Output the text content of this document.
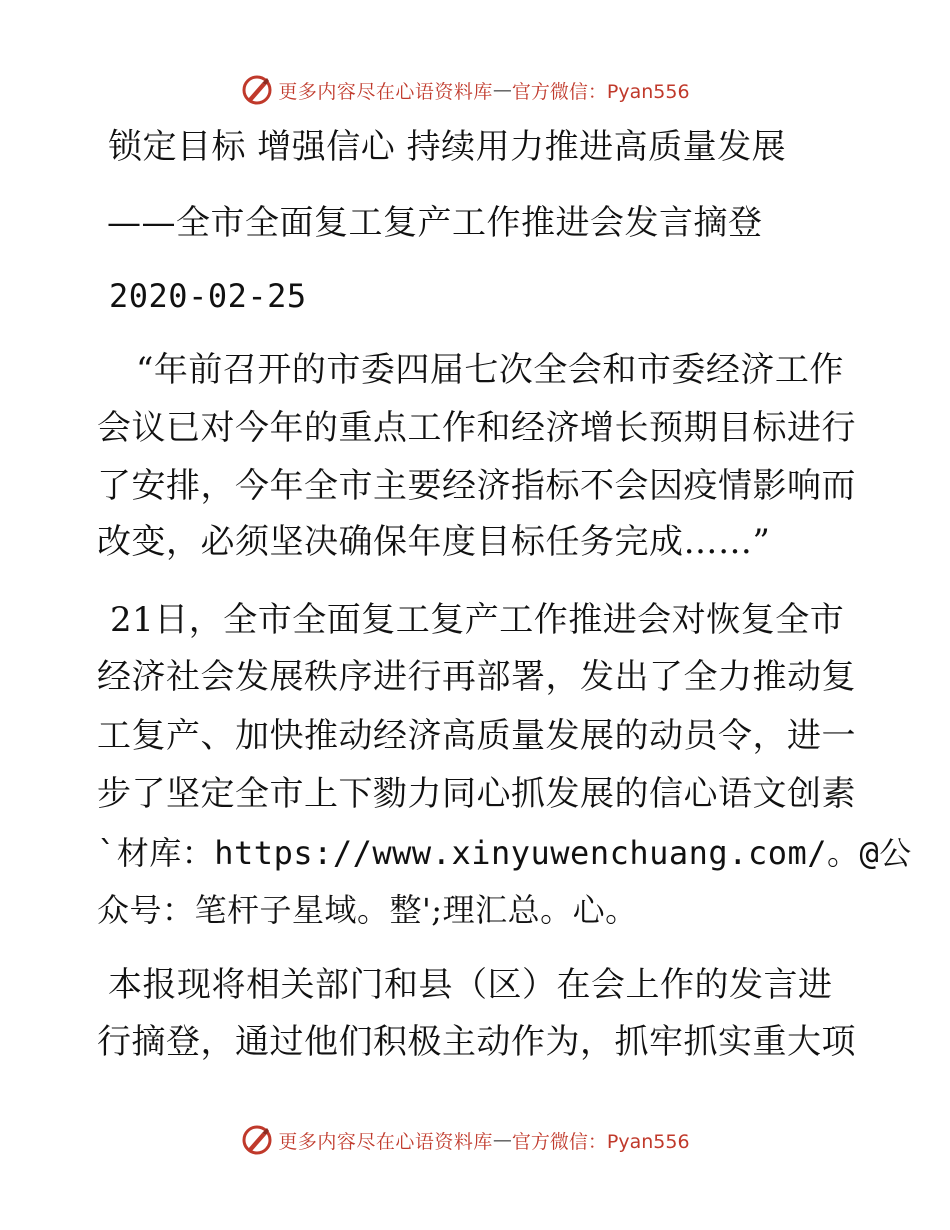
更多内容尽在心语资料库 — 官方微信：Pyan556
锁定目标 增强信心 持续用力推进高质量发展
——全市全面复工复产工作推进会发言摘登
2020-02-25
“年前召开的市委四届七次全会和市委经济工作
会议已对今年的重点工作和经济增长预期目标进行
了安排，今年全市主要经济指标不会因疫情影响而
改变，必须坚决确保年度目标任务完成……”
21日，全市全面复工复产工作推进会对恢复全市
经济社会发展秩序进行再部署，发出了全力推动复
工复产、加快推动经济高质量发展的动员令，进一
步了坚定全市上下勠力同心抓发展的信心语文创素
`材库：https://www.xinyuwenchuang.com/。@公
众号：笔杆子星域。整';理汇总。心。
本报现将相关部门和县（区）在会上作的发言进
行摘登，通过他们积极主动作为，抓牢抓实重大项
更多内容尽在心语资料库 — 官方微信：Pyan556
